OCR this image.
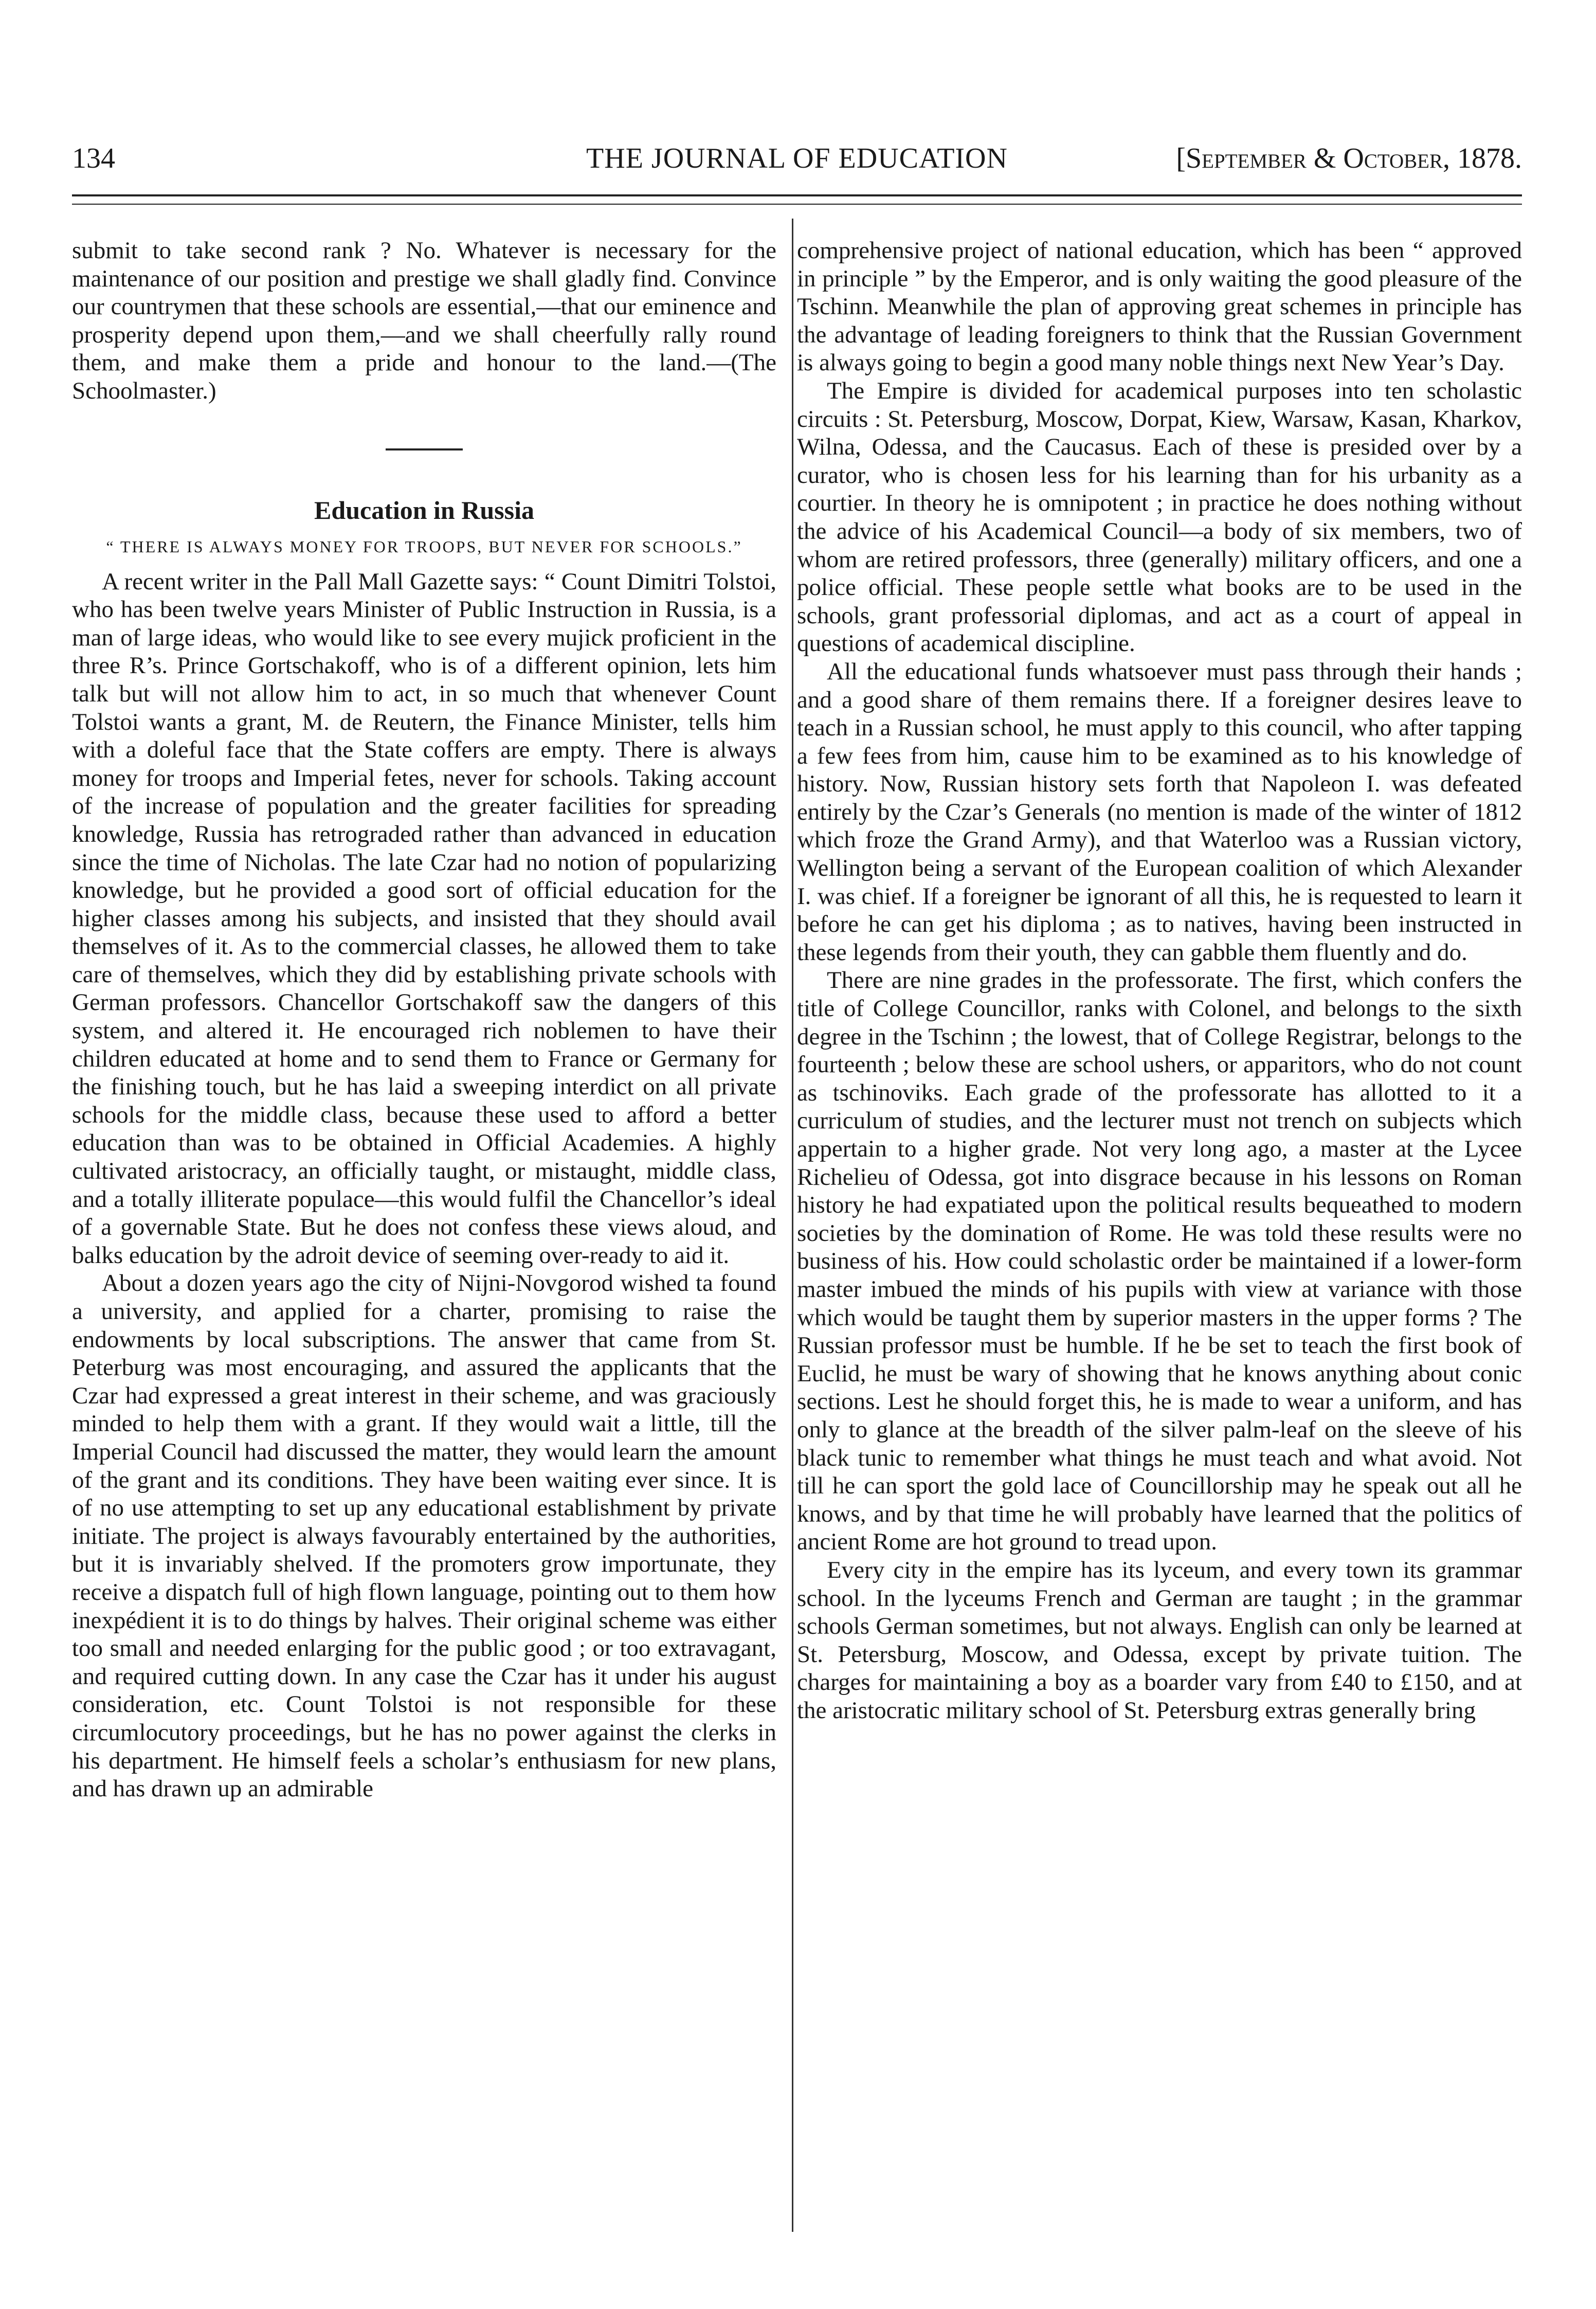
134	THE JOURNAL OF EDUCATION	[September & October, 1878.

submit to take second rank ? No. Whatever is necessary for the maintenance of our position and prestige we shall gladly find. Convince our countrymen that these schools are essential,—that our eminence and prosperity depend upon them,—and we shall cheerfully rally round them, and make them a pride and honour to the land.—(The Schoolmaster.)

Education in Russia
“ THERE IS ALWAYS MONEY FOR TROOPS, BUT NEVER FOR SCHOOLS.”

A recent writer in the Pall Mall Gazette says: “ Count Dimitri Tolstoi, who has been twelve years Minister of Public Instruction in Russia, is a man of large ideas, who would like to see every mujick proficient in the three R’s. Prince Gortschakoff, who is of a different opinion, lets him talk but will not allow him to act, in so much that whenever Count Tolstoi wants a grant, M. de Reutern, the Finance Minister, tells him with a doleful face that the State coffers are empty. There is always money for troops and Imperial fetes, never for schools. Taking account of the increase of population and the greater facilities for spreading knowledge, Russia has retrograded rather than advanced in education since the time of Nicholas. The late Czar had no notion of popularizing knowledge, but he provided a good sort of official education for the higher classes among his subjects, and insisted that they should avail themselves of it. As to the commercial classes, he allowed them to take care of themselves, which they did by establishing private schools with German professors. Chancellor Gortschakoff saw the dangers of this system, and altered it. He encouraged rich noblemen to have their children educated at home and to send them to France or Germany for the finishing touch, but he has laid a sweeping interdict on all private schools for the middle class, because these used to afford a better education than was to be obtained in Official Academies. A highly cultivated aristocracy, an officially taught, or mistaught, middle class, and a totally illiterate populace—this would fulfil the Chancellor’s ideal of a governable State. But he does not confess these views aloud, and balks education by the adroit device of seeming over-ready to aid it.

About a dozen years ago the city of Nijni-Novgorod wished ta found a university, and applied for a charter, promising to raise the endowments by local subscriptions. The answer that came from St. Peterburg was most encouraging, and assured the applicants that the Czar had expressed a great interest in their scheme, and was graciously minded to help them with a grant. If they would wait a little, till the Imperial Council had discussed the matter, they would learn the amount of the grant and its conditions. They have been waiting ever since. It is of no use attempting to set up any educational establishment by private initiate. The project is always favourably entertained by the authorities, but it is invariably shelved. If the promoters grow importunate, they receive a dispatch full of high flown language, pointing out to them how inexpédient it is to do things by halves. Their original scheme was either too small and needed enlarging for the public good ; or too extravagant, and required cutting down. In any case the Czar has it under his august consideration, etc. Count Tolstoi is not responsible for these circumlocutory proceedings, but he has no power against the clerks in his department. He himself feels a scholar’s enthusiasm for new plans, and has drawn up an admirable

comprehensive project of national education, which has been “ approved in principle ” by the Emperor, and is only waiting the good pleasure of the Tschinn. Meanwhile the plan of approving great schemes in principle has the advantage of leading foreigners to think that the Russian Government is always going to begin a good many noble things next New Year’s Day.

The Empire is divided for academical purposes into ten scholastic circuits : St. Petersburg, Moscow, Dorpat, Kiew, Warsaw, Kasan, Kharkov, Wilna, Odessa, and the Caucasus. Each of these is presided over by a curator, who is chosen less for his learning than for his urbanity as a courtier. In theory he is omnipotent ; in practice he does nothing without the advice of his Academical Council—a body of six members, two of whom are retired professors, three (generally) military officers, and one a police official. These people settle what books are to be used in the schools, grant professorial diplomas, and act as a court of appeal in questions of academical discipline.

All the educational funds whatsoever must pass through their hands ; and a good share of them remains there. If a foreigner desires leave to teach in a Russian school, he must apply to this council, who after tapping a few fees from him, cause him to be examined as to his knowledge of history. Now, Russian history sets forth that Napoleon I. was defeated entirely by the Czar’s Generals (no mention is made of the winter of 1812 which froze the Grand Army), and that Waterloo was a Russian victory, Wellington being a servant of the European coalition of which Alexander I. was chief. If a foreigner be ignorant of all this, he is requested to learn it before he can get his diploma ; as to natives, having been instructed in these legends from their youth, they can gabble them fluently and do.

There are nine grades in the professorate. The first, which confers the title of College Councillor, ranks with Colonel, and belongs to the sixth degree in the Tschinn ; the lowest, that of College Registrar, belongs to the fourteenth ; below these are school ushers, or apparitors, who do not count as tschinoviks. Each grade of the professorate has allotted to it a curriculum of studies, and the lecturer must not trench on subjects which appertain to a higher grade. Not very long ago, a master at the Lycee Richelieu of Odessa, got into disgrace because in his lessons on Roman history he had expatiated upon the political results bequeathed to modern societies by the domination of Rome. He was told these results were no business of his. How could scholastic order be maintained if a lower-form master imbued the minds of his pupils with view at variance with those which would be taught them by superior masters in the upper forms ? The Russian professor must be humble. If he be set to teach the first book of Euclid, he must be wary of showing that he knows anything about conic sections. Lest he should forget this, he is made to wear a uniform, and has only to glance at the breadth of the silver palm-leaf on the sleeve of his black tunic to remember what things he must teach and what avoid. Not till he can sport the gold lace of Councillorship may he speak out all he knows, and by that time he will probably have learned that the politics of ancient Rome are hot ground to tread upon.

Every city in the empire has its lyceum, and every town its grammar school. In the lyceums French and German are taught ; in the grammar schools German sometimes, but not always. English can only be learned at St. Petersburg, Moscow, and Odessa, except by private tuition. The charges for maintaining a boy as a boarder vary from £40 to £150, and at the aristocratic military school of St. Petersburg extras generally bring
